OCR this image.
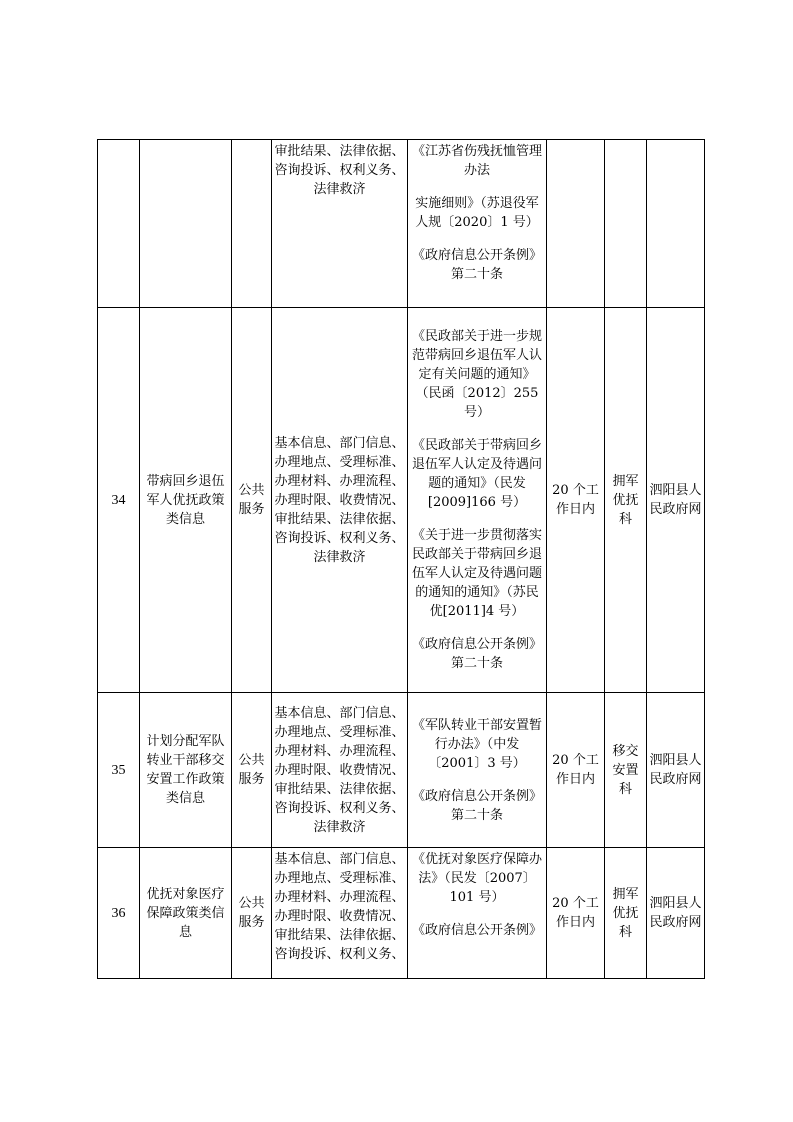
			审批结果、法律依据、咨询投诉、权利义务、
法律救济	《江苏省伤残抚恤管理办法
实施细则》（苏退役军人规〔2020〕1 号）
《政府信息公开条例》第二十条			

34	带病回乡退伍军人优抚政策类信息	公共服务	基本信息、部门信息、办理地点、受理标准、办理材料、办理流程、办理时限、收费情况、审批结果、法律依据、咨询投诉、权利义务、
法律救济	《民政部关于进一步规范带病回乡退伍军人认定有关问题的通知》（民函〔2012〕255 号）
《民政部关于带病回乡退伍军人认定及待遇问题的通知》（民发[2009]166 号）
《关于进一步贯彻落实民政部关于带病回乡退伍军人认定及待遇问题的通知的通知》（苏民优[2011]4 号）
《政府信息公开条例》第二十条	20 个工作日内	拥军优抚科	泗阳县人民政府网
35	计划分配军队转业干部移交安置工作政策类信息	公共服务	基本信息、部门信息、办理地点、受理标准、办理材料、办理流程、办理时限、收费情况、审批结果、法律依据、咨询投诉、权利义务、
法律救济	《军队转业干部安置暂行办法》（中发〔2001〕3 号）
《政府信息公开条例》第二十条	20 个工作日内	移交安置科	泗阳县人民政府网
36	优抚对象医疗保障政策类信息	公共服务	基本信息、部门信息、办理地点、受理标准、办理材料、办理流程、办理时限、收费情况、审批结果、法律依据、咨询投诉、权利义务、	《优抚对象医疗保障办法》（民发〔2007〕101 号）
《政府信息公开条例》	20 个工作日内	拥军优抚科	泗阳县人民政府网
